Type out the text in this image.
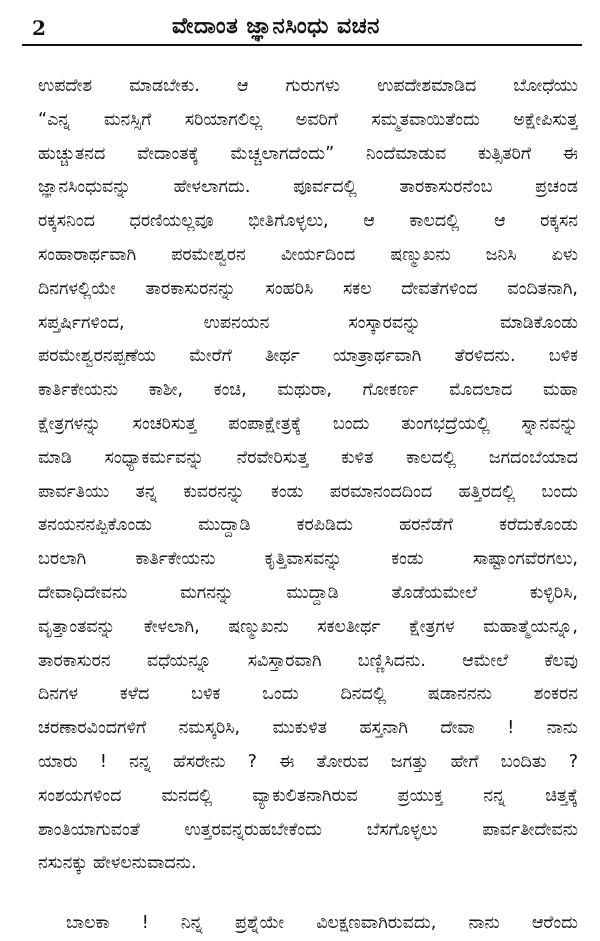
2	ವೇದಾಂತ ಜ್ಞಾನಸಿಂಧು ವಚನ
ಉಪದೇಶ ಮಾಡಬೇಕು. ಆ ಗುರುಗಳು ಉಪದೇಶಮಾಡಿದ ಬೋಧೆಯು
“ಎನ್ನ ಮನಸ್ಸಿಗೆ ಸರಿಯಾಗಲಿಲ್ಲ ಅವರಿಗೆ ಸಮ್ಮತವಾಯಿತೆಂದು ಅಕ್ಷೇಪಿಸುತ್ತ
ಹುಚ್ಚುತನದ ವೇದಾಂತಕ್ಕೆ ಮೆಚ್ಚಲಾಗದೆಂದು” ನಿಂದೆಮಾಡುವ ಕುತ್ಸಿತರಿಗೆ ಈ
ಜ್ಞಾನಸಿಂಧುವನ್ನು ಹೇಳಲಾಗದು. ಪೂರ್ವದಲ್ಲಿ ತಾರಕಾಸುರನೆಂಬ ಪ್ರಚಂಡ
ರಕ್ಕಸನಿಂದ ಧರಣಿಯಲ್ಲವೂ ಭೀತಿಗೊಳ್ಳಲು, ಆ ಕಾಲದಲ್ಲಿ ಆ ರಕ್ಕಸನ
ಸಂಹಾರಾರ್ಥವಾಗಿ ಪರಮೇಶ್ವರನ ವೀರ್ಯದಿಂದ ಷಣ್ಮುಖನು ಜನಿಸಿ ಏಳು
ದಿನಗಳಲ್ಲಿಯೇ ತಾರಕಾಸುರನನ್ನು ಸಂಹರಿಸಿ ಸಕಲ ದೇವತೆಗಳಿಂದ ವಂದಿತನಾಗಿ,
ಸಪ್ತರ್ಷಿಗಳಿಂದ, ಉಪನಯನ ಸಂಸ್ಕಾರವನ್ನು ಮಾಡಿಕೊಂಡು
ಪರಮೇಶ್ವರನಪ್ಪಣೆಯ ಮೇರೆಗೆ ತೀರ್ಥ ಯಾತ್ರಾರ್ಥವಾಗಿ ತೆರಳಿದನು. ಬಳಿಕ
ಕಾರ್ತಿಕೇಯನು ಕಾಶೀ, ಕಂಚಿ, ಮಥುರಾ, ಗೋಕರ್ಣ ಮೊದಲಾದ ಮಹಾ
ಕ್ಷೇತ್ರಗಳನ್ನು ಸಂಚರಿಸುತ್ತ ಪಂಪಾಕ್ಷೇತ್ರಕ್ಕೆ ಬಂದು ತುಂಗಭದ್ರೆಯಲ್ಲಿ ಸ್ನಾನವನ್ನು
ಮಾಡಿ ಸಂಧ್ಯಾಕರ್ಮವನ್ನು ನೆರವೇರಿಸುತ್ತ ಕುಳಿತ ಕಾಲದಲ್ಲಿ ಜಗದಂಬೆಯಾದ
ಪಾರ್ವತಿಯು ತನ್ನ ಕುವರನನ್ನು ಕಂಡು ಪರಮಾನಂದದಿಂದ ಹತ್ತಿರದಲ್ಲಿ ಬಂದು
ತನಯನನಪ್ಪಿಕೊಂಡು ಮುದ್ದಾಡಿ ಕರಪಿಡಿದು ಹರನೆಡೆಗೆ ಕರೆದುಕೊಂಡು
ಬರಲಾಗಿ ಕಾರ್ತಿಕೇಯನು ಕೃತ್ತಿವಾಸವನ್ನು ಕಂಡು ಸಾಷ್ಟಾಂಗವೆರಗಲು,
ದೇವಾಧಿದೇವನು ಮಗನನ್ನು ಮುದ್ದಾಡಿ ತೊಡೆಯಮೇಲೆ ಕುಳ್ಳಿರಿಸಿ,
ವೃತ್ತಾಂತವನ್ನು ಕೇಳಲಾಗಿ, ಷಣ್ಮುಖನು ಸಕಲತೀರ್ಥ ಕ್ಷೇತ್ರಗಳ ಮಹಾತ್ಮೆಯನ್ನೂ,
ತಾರಕಾಸುರನ ವಧೆಯನ್ನೂ ಸವಿಸ್ತಾರವಾಗಿ ಬಣ್ಣಿಸಿದನು. ಆಮೇಲೆ ಕೆಲವು
ದಿನಗಳ ಕಳೆದ ಬಳಿಕ ಒಂದು ದಿನದಲ್ಲಿ ಷಡಾನನನು ಶಂಕರನ
ಚರಣಾರವಿಂದಗಳಿಗೆ ನಮಸ್ಕರಿಸಿ, ಮುಕುಳಿತ ಹಸ್ತನಾಗಿ ದೇವಾ ! ನಾನು
ಯಾರು ! ನನ್ನ ಹೆಸರೇನು ? ಈ ತೋರುವ ಜಗತ್ತು ಹೇಗೆ ಬಂದಿತು ?
ಸಂಶಯಗಳಿಂದ ಮನದಲ್ಲಿ ವ್ಯಾಕುಲಿತನಾಗಿರುವ ಪ್ರಯುಕ್ತ ನನ್ನ ಚಿತ್ತಕ್ಕೆ
ಶಾಂತಿಯಾಗುವಂತೆ ಉತ್ತರವನ್ನರುಹಬೇಕೆಂದು ಬೆಸಗೊಳ್ಳಲು ಪಾರ್ವತೀದೇವನು
ನಸುನಕ್ಕು ಹೇಳಲನುವಾದನು.
ಬಾಲಕಾ ! ನಿನ್ನ ಪ್ರಶ್ನೆಯೇ ವಿಲಕ್ಷಣವಾಗಿರುವದು, ನಾನು ಆರೆಂದು
